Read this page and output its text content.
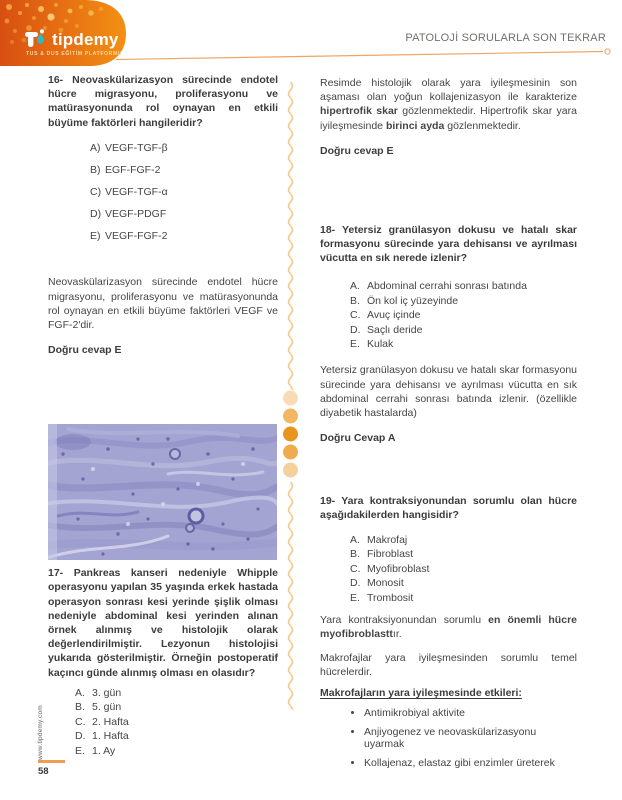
tipdemy
TUS & DUS EĞİTİM PLATFORMU
PATOLOJİ SORULARLA SON TEKRAR

16- Neovaskülarizasyon sürecinde endotel hücre migrasyonu, proliferasyonu ve matürasyonunda rol oynayan en etkili büyüme faktörleri hangileridir?

A) VEGF-TGF-β
B) EGF-FGF-2
C) VEGF-TGF-α
D) VEGF-PDGF
E) VEGF-FGF-2

Neovaskülarizasyon sürecinde endotel hücre migrasyonu, proliferasyonu ve matürasyonunda rol oynayan en etkili büyüme faktörleri VEGF ve FGF-2'dir.

Doğru cevap E

17- Pankreas kanseri nedeniyle Whipple operasyonu yapılan 35 yaşında erkek hastada operasyon sonrası kesi yerinde şişlik olması nedeniyle abdominal kesi yerinden alınan örnek alınmış ve histolojik olarak değerlendirilmiştir. Lezyonun histolojisi yukarıda gösterilmiştir. Örneğin postoperatif kaçıncı günde alınmış olması en olasıdır?

A. 3. gün
B. 5. gün
C. 2. Hafta
D. 1. Hafta
E. 1. Ay

Resimde histolojik olarak yara iyileşmesinin son aşaması olan yoğun kollajenizasyon ile karakterize hipertrofik skar gözlenmektedir. Hipertrofik skar yara iyileşmesinde birinci ayda gözlenmektedir.

Doğru cevap E

18- Yetersiz granülasyon dokusu ve hatalı skar formasyonu sürecinde yara dehisansı ve ayrılması vücutta en sık nerede izlenir?

A. Abdominal cerrahi sonrası batında
B. Ön kol iç yüzeyinde
C. Avuç içinde
D. Saçlı deride
E. Kulak

Yetersiz granülasyon dokusu ve hatalı skar formasyonu sürecinde yara dehisansı ve ayrılması vücutta en sık abdominal cerrahi sonrası batında izlenir. (özellikle diyabetik hastalarda)

Doğru Cevap A

19- Yara kontraksiyonundan sorumlu olan hücre aşağıdakilerden hangisidir?

A. Makrofaj
B. Fibroblast
C. Myofibroblast
D. Monosit
E. Trombosit

Yara kontraksiyonundan sorumlu en önemli hücre myofibroblasttır.

Makrofajlar yara iyileşmesinden sorumlu temel hücrelerdir.

Makrofajların yara iyileşmesinde etkileri:

• Antimikrobiyal aktivite
• Anjiyogenez ve neovaskülarizasyonu uyarmak
• Kollajenaz, elastaz gibi enzimler üreterek
www.tipdemy.com
58
